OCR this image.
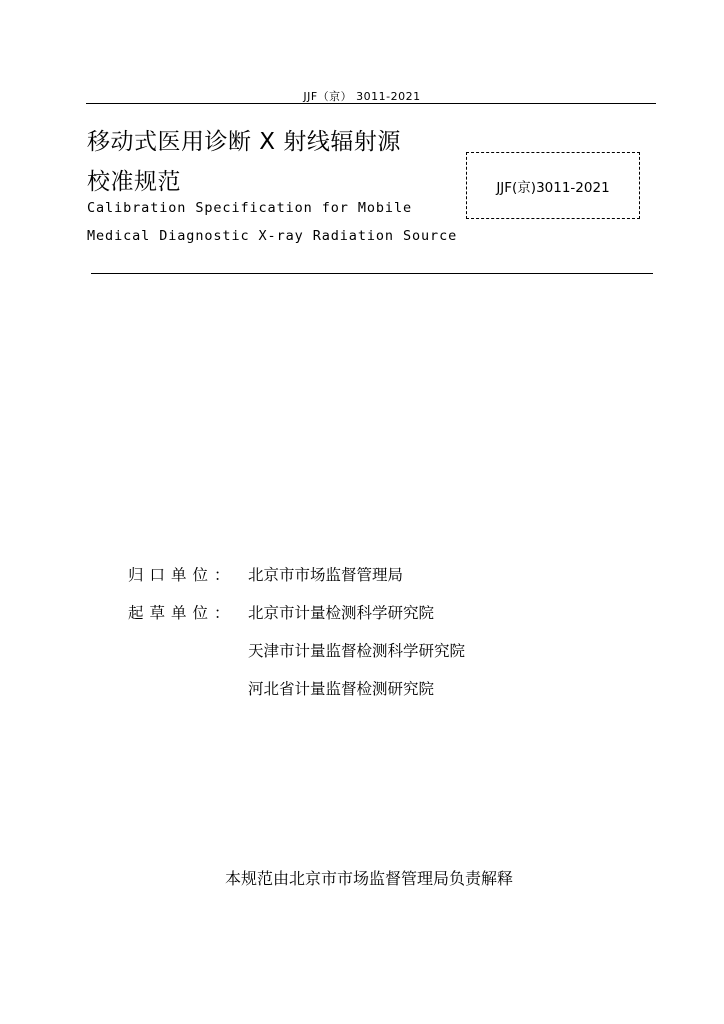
JJF（京） 3011-2021
移动式医用诊断 X 射线辐射源
校准规范
Calibration Specification for Mobile
Medical Diagnostic X-ray Radiation Source
JJF(京)3011-2021
归口单位： 北京市市场监督管理局
起草单位： 北京市计量检测科学研究院
天津市计量监督检测科学研究院
河北省计量监督检测研究院
本规范由北京市市场监督管理局负责解释
